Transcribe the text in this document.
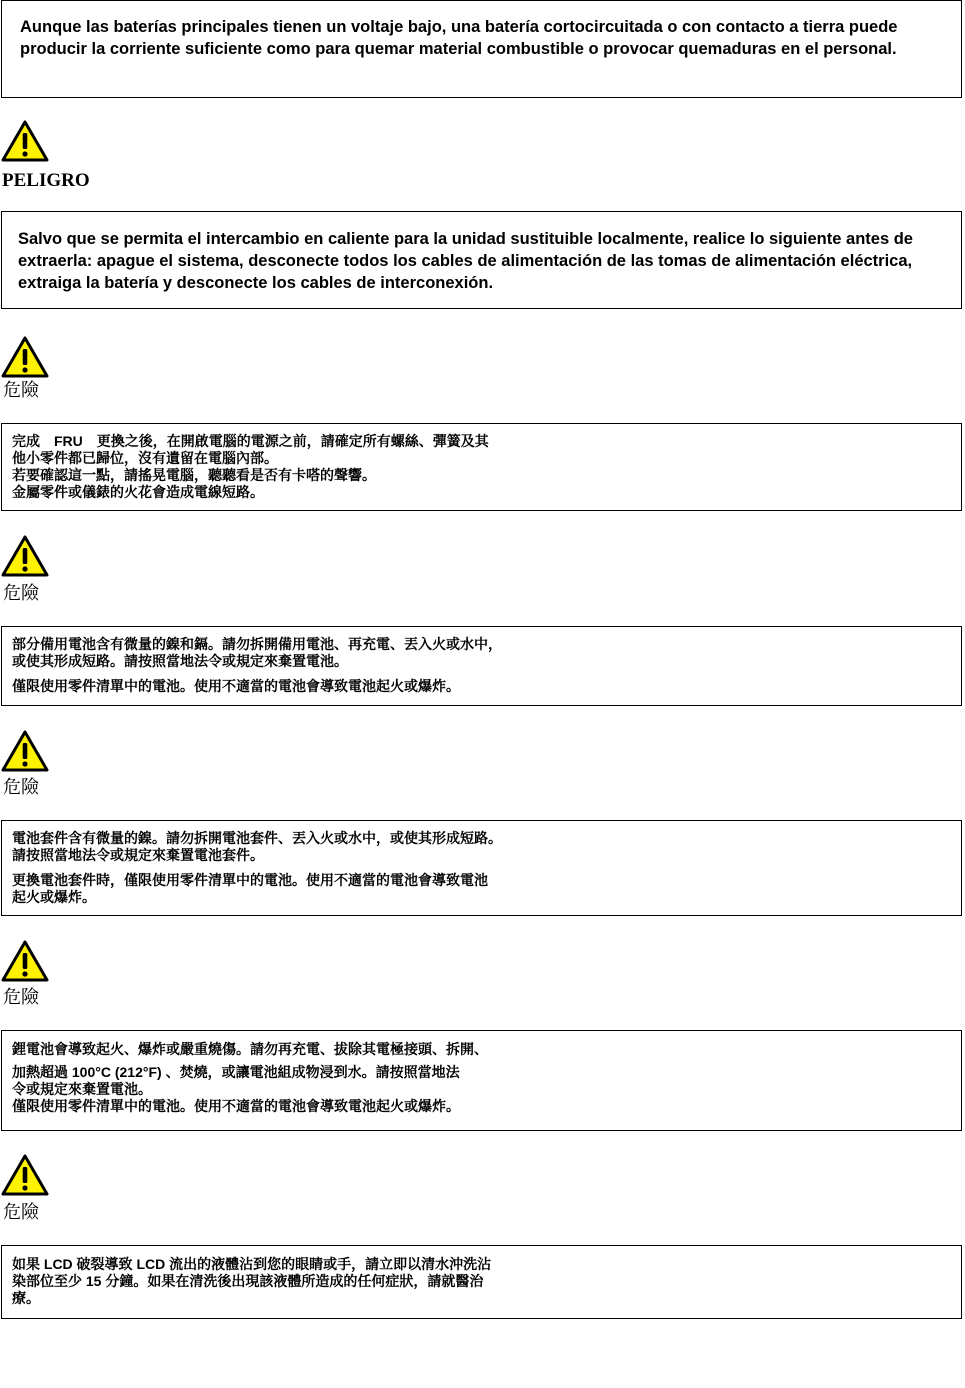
Aunque las baterías principales tienen un voltaje bajo, una batería cortocircuitada o con contacto a tierra puede producir la corriente suficiente como para quemar material combustible o provocar quemaduras en el personal.

PELIGRO

Salvo que se permita el intercambio en caliente para la unidad sustituible localmente, realice lo siguiente antes de extraerla: apague el sistema, desconecte todos los cables de alimentación de las tomas de alimentación eléctrica, extraiga la batería y desconecte los cables de interconexión.

危險

完成　FRU　更換之後，在開啟電腦的電源之前，請確定所有螺絲、彈簧及其

他小零件都已歸位，沒有遺留在電腦內部。

若要確認這一點，請搖晃電腦，聽聽看是否有卡嗒的聲響。

金屬零件或儀錶的火花會造成電線短路。

危險

部分備用電池含有微量的鎳和鎘。請勿拆開備用電池、再充電、丟入火或水中，

或使其形成短路。請按照當地法令或規定來棄置電池。

僅限使用零件清單中的電池。使用不適當的電池會導致電池起火或爆炸。

危險

電池套件含有微量的鎳。請勿拆開電池套件、丟入火或水中，或使其形成短路。

請按照當地法令或規定來棄置電池套件。

更換電池套件時，僅限使用零件清單中的電池。使用不適當的電池會導致電池

起火或爆炸。

危險

鋰電池會導致起火、爆炸或嚴重燒傷。請勿再充電、拔除其電極接頭、拆開、

加熱超過 100°C (212°F) 、焚燒，或讓電池組成物浸到水。請按照當地法

令或規定來棄置電池。

僅限使用零件清單中的電池。使用不適當的電池會導致電池起火或爆炸。

危險

如果 LCD 破裂導致 LCD 流出的液體沾到您的眼睛或手，請立即以清水沖洗沾

染部位至少 15 分鐘。如果在清洗後出現該液體所造成的任何症狀，請就醫治

療。
